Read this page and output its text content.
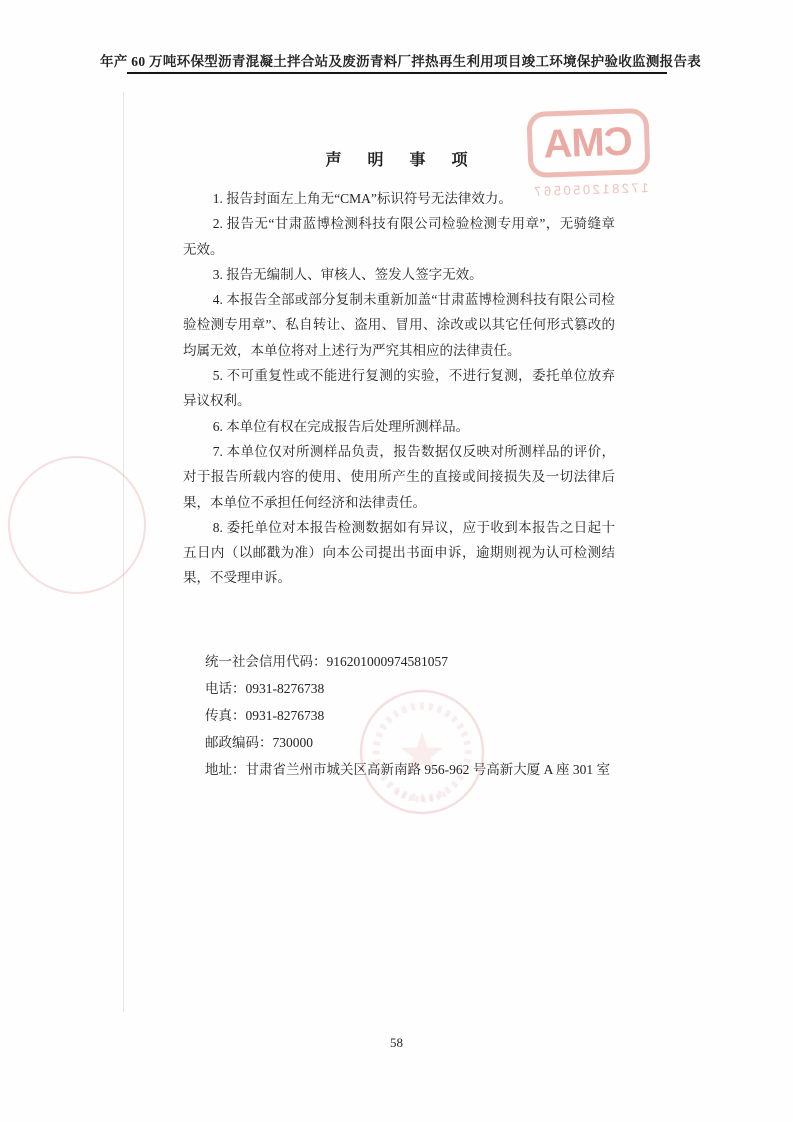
年产 60 万吨环保型沥青混凝土拌合站及废沥青料厂拌热再生利用项目竣工环境保护验收监测报告表
CMA
172812050567
声 明 事 项

1. 报告封面左上角无“CMA”标识符号无法律效力。

2. 报告无“甘肃蓝博检测科技有限公司检验检测专用章”，无骑缝章无效。

3. 报告无编制人、审核人、签发人签字无效。

4. 本报告全部或部分复制未重新加盖“甘肃蓝博检测科技有限公司检验检测专用章”、私自转让、盗用、冒用、涂改或以其它任何形式篡改的均属无效，本单位将对上述行为严究其相应的法律责任。

5. 不可重复性或不能进行复测的实验，不进行复测，委托单位放弃异议权利。

6. 本单位有权在完成报告后处理所测样品。

7. 本单位仅对所测样品负责，报告数据仅反映对所测样品的评价，对于报告所载内容的使用、使用所产生的直接或间接损失及一切法律后果，本单位不承担任何经济和法律责任。

8. 委托单位对本报告检测数据如有异议，应于收到本报告之日起十五日内（以邮戳为准）向本公司提出书面申诉，逾期则视为认可检测结果，不受理申诉。

统一社会信用代码：916201000974581057
电话：0931-8276738
传真：0931-8276738
邮政编码：730000
地址：甘肃省兰州市城关区高新南路 956-962 号高新大厦 A 座 301 室
58
